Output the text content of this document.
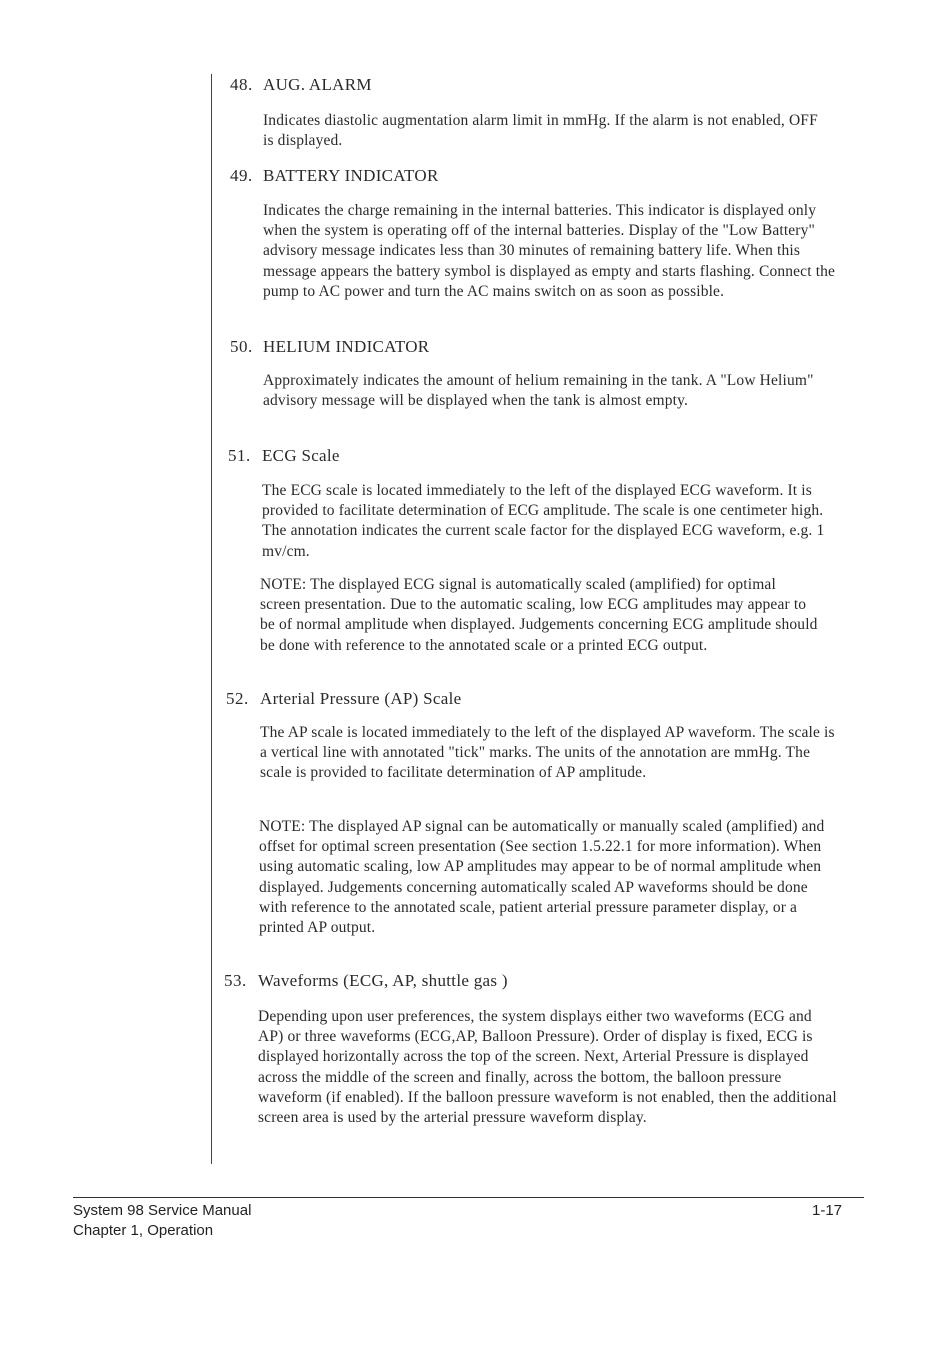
48. AUG. ALARM

Indicates diastolic augmentation alarm limit in mmHg. If the alarm is not enabled, OFF is displayed.

49. BATTERY INDICATOR

Indicates the charge remaining in the internal batteries. This indicator is displayed only when the system is operating off of the internal batteries. Display of the "Low Battery" advisory message indicates less than 30 minutes of remaining battery life. When this message appears the battery symbol is displayed as empty and starts flashing. Connect the pump to AC power and turn the AC mains switch on as soon as possible.

50. HELIUM INDICATOR

Approximately indicates the amount of helium remaining in the tank. A "Low Helium" advisory message will be displayed when the tank is almost empty.

51. ECG Scale

The ECG scale is located immediately to the left of the displayed ECG waveform. It is provided to facilitate determination of ECG amplitude. The scale is one centimeter high. The annotation indicates the current scale factor for the displayed ECG waveform, e.g. 1 mv/cm.

NOTE: The displayed ECG signal is automatically scaled (amplified) for optimal screen presentation. Due to the automatic scaling, low ECG amplitudes may appear to be of normal amplitude when displayed. Judgements concerning ECG amplitude should be done with reference to the annotated scale or a printed ECG output.

52. Arterial Pressure (AP) Scale

The AP scale is located immediately to the left of the displayed AP waveform. The scale is a vertical line with annotated "tick" marks. The units of the annotation are mmHg. The scale is provided to facilitate determination of AP amplitude.

NOTE: The displayed AP signal can be automatically or manually scaled (amplified) and offset for optimal screen presentation (See section 1.5.22.1 for more information). When using automatic scaling, low AP amplitudes may appear to be of normal amplitude when displayed. Judgements concerning automatically scaled AP waveforms should be done with reference to the annotated scale, patient arterial pressure parameter display, or a printed AP output.

53. Waveforms (ECG, AP, shuttle gas )

Depending upon user preferences, the system displays either two waveforms (ECG and AP) or three waveforms (ECG,AP, Balloon Pressure). Order of display is fixed, ECG is displayed horizontally across the top of the screen. Next, Arterial Pressure is displayed across the middle of the screen and finally, across the bottom, the balloon pressure waveform (if enabled). If the balloon pressure waveform is not enabled, then the additional screen area is used by the arterial pressure waveform display.

System 98 Service Manual
Chapter 1, Operation
1-17
